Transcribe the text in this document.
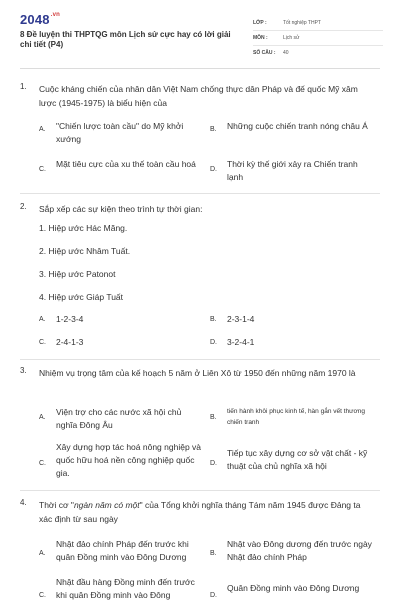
$2048^{.vn}$
8 Đề luyện thi THPTQG môn Lịch sử cực hay có lời giải chi tiết (P4)
LỚP :	Tốt nghiệp THPT
MÔN :	Lịch sử
SỐ CÂU :	40
1.	Cuộc kháng chiến của nhân dân Việt Nam chống thực dân Pháp và đế quốc Mỹ xâm lược (1945-1975) là biểu hiện của
A. "Chiến lược toàn cầu" do Mỹ khởi xướng
B. Những cuộc chiến tranh nóng châu Á
C.
Mặt tiêu cực của xu thế toàn cầu hoá
D.
Thời kỳ thế giới xảy ra Chiến tranh lạnh
2.	Sắp xếp các sự kiện theo trình tự thời gian:
1. Hiệp ước Hác Măng.
2. Hiệp ước Nhâm Tuất.
3. Hiệp ước Patonot
4. Hiệp ước Giáp Tuất
A. 1-2-3-4	B. 2-3-1-4
C. 2-4-1-3	D. 3-2-4-1
3.	Nhiệm vụ trọng tâm của kế hoạch 5 năm ở Liên Xô từ 1950 đến những năm 1970 là
A.
Viện trợ cho các nước xã hội chủ nghĩa Đông Âu
B.
tiến hành khôi phục kinh tế, hàn gắn vết thương chiến tranh
C.
Xây dựng hợp tác hoá nông nghiệp và quốc hữu hoá nền công nghiệp quốc gia.
D.
Tiếp tục xây dựng cơ sở vật chất - kỹ thuật của chủ nghĩa xã hội
4.	Thời cơ "ngàn năm có một" của Tổng khởi nghĩa tháng Tám năm 1945 được Đảng ta xác định từ sau ngày
A.
Nhật đảo chính Pháp đến trước khi quân Đồng minh vào Đông Dương	B.
Nhật vào Đông dương đến trước ngày Nhật đảo chính Pháp
C.
Nhật đầu hàng Đồng minh đến trước khi quân Đồng minh vào Đông	D.
Quân Đồng minh vào Đông Dương
